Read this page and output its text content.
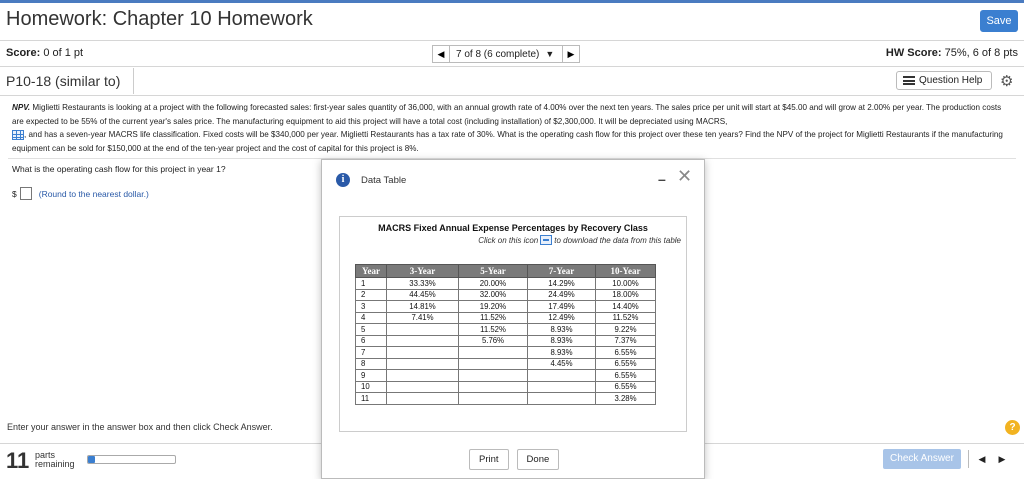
Homework: Chapter 10 Homework	Save
Score: 0 of 1 pt	◀	7 of 8 (6 complete) ▼	▶	HW Score: 75%, 6 of 8 pts
P10-18 (similar to)	Question Help ⚙
NPV. Miglietti Restaurants is looking at a project with the following forecasted sales: first-year sales quantity of 36,000, with an annual growth rate of 4.00% over the next ten years. The sales price per unit will start at $45.00 and will grow at 2.00% per year. The production costs are expected to be 55% of the current year's sales price. The manufacturing equipment to aid this project will have a total cost (including installation) of $2,300,000. It will be depreciated using MACRS,
, and has a seven-year MACRS life classification. Fixed costs will be $340,000 per year. Miglietti Restaurants has a tax rate of 30%. What is the operating cash flow for this project over these ten years? Find the NPV of the project for Miglietti Restaurants if the manufacturing equipment can be sold for $150,000 at the end of the ten-year project and the cost of capital for this project is 8%.
What is the operating cash flow for this project in year 1?
$	(Round to the nearest dollar.)
Enter your answer in the answer box and then click Check Answer.	?
11 parts
remaining	Check Answer	◀	▶
i	Data Table	– ✕
MACRS Fixed Annual Expense Percentages by Recovery Class
Click on this icon to download the data from this table
Year	3-Year	5-Year	7-Year	10-Year
1	33.33%	20.00%	14.29%	10.00%
2	44.45%	32.00%	24.49%	18.00%
3	14.81%	19.20%	17.49%	14.40%
4	7.41%	11.52%	12.49%	11.52%
5		11.52%	8.93%	9.22%
6		5.76%	8.93%	7.37%
7			8.93%	6.55%
8			4.45%	6.55%
9				6.55%
10				6.55%
11				3.28%
Print	Done
